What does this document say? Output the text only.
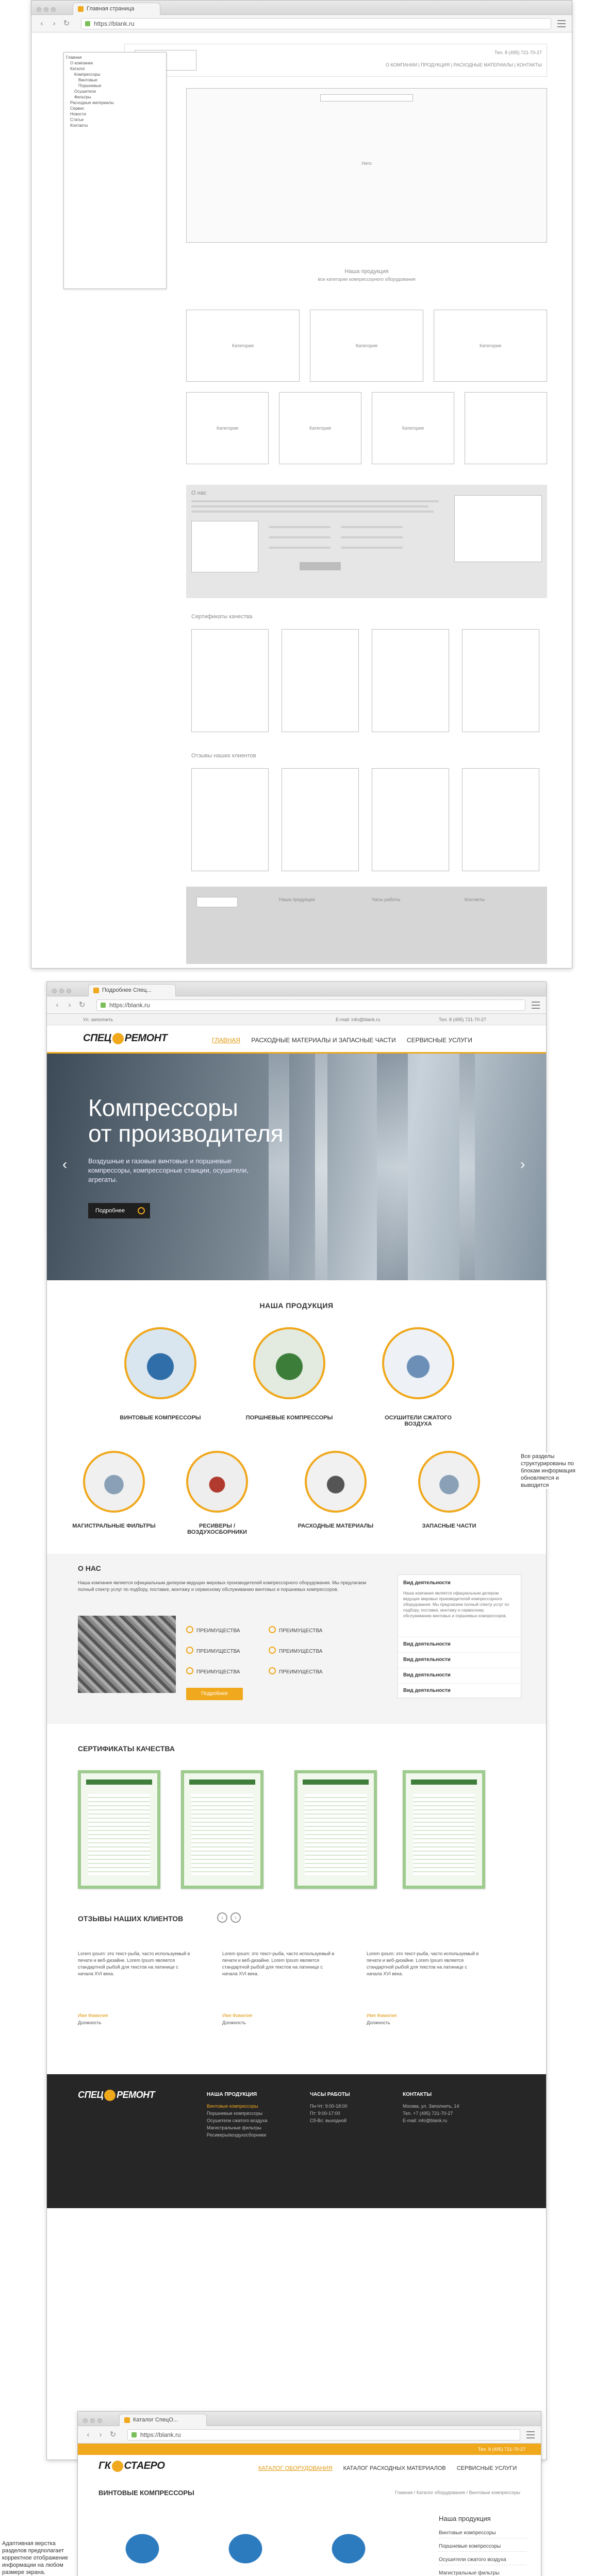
Главная страница
‹	›	↻	https://blank.ru
Тел. 8 (495) 721-70-27
О КОМПАНИИ | ПРОДУКЦИЯ | РАСХОДНЫЕ МАТЕРИАЛЫ | КОНТАКТЫ
Главная
О компании
Каталог
Компрессоры
Винтовые
Поршневые
Осушители
Фильтры
Расходные материалы
Сервис
Новости
Статьи
Контакты
Hero
Наша продукция
все категории компрессорного оборудования
Категория	Категория	Категория
Категория	Категория	Категория
О нас
Сертификаты качества
Отзывы наших клиентов
Наша продукция	Часы работы	Контакты
Подробнее Спец...
‹	›	↻	https://blank.ru
Ул. заполнить	E-mail: info@blank.ru	Тел. 8 (495) 721-70-27
СПЕЦ РЕМОНТ	ГЛАВНАЯ РАСХОДНЫЕ МАТЕРИАЛЫ И ЗАПАСНЫЕ ЧАСТИ СЕРВИСНЫЕ УСЛУГИ
Компрессоры
от производителя
Воздушные и газовые винтовые и поршневые компрессоры, компрессорные станции, осушители, агрегаты.
Подробнее
‹	›
НАША ПРОДУКЦИЯ
ВИНТОВЫЕ КОМПРЕССОРЫ	ПОРШНЕВЫЕ КОМПРЕССОРЫ	ОСУШИТЕЛИ СЖАТОГО ВОЗДУХА
МАГИСТРАЛЬНЫЕ ФИЛЬТРЫ	РЕСИВЕРЫ / ВОЗДУХОСБОРНИКИ
РАСХОДНЫЕ МАТЕРИАЛЫ	ЗАПАСНЫЕ ЧАСТИ
О НАС
Наша компания является официальным дилером ведущих мировых производителей компрессорного оборудования. Мы предлагаем полный спектр услуг по подбору, поставке, монтажу и сервисному обслуживанию винтовых и поршневых компрессоров.
ПРЕИМУЩЕСТВА	ПРЕИМУЩЕСТВА
ПРЕИМУЩЕСТВА	ПРЕИМУЩЕСТВА
ПРЕИМУЩЕСТВА	ПРЕИМУЩЕСТВА
Подробнее
Вид деятельности
Наша компания является официальным дилером ведущих мировых производителей компрессорного оборудования. Мы предлагаем полный спектр услуг по подбору, поставке, монтажу и сервисному обслуживанию винтовых и поршневых компрессоров.
Вид деятельности
Вид деятельности
Вид деятельности
Вид деятельности
СЕРТИФИКАТЫ КАЧЕСТВА
ОТЗЫВЫ НАШИХ КЛИЕНТОВ	‹	›
Lorem ipsum: это текст-рыба, часто используемый в печати и веб-дизайне. Lorem Ipsum является стандартной рыбой для текстов на латинице с начала XVI века.
Lorem ipsum: это текст-рыба, часто используемый в печати и веб-дизайне. Lorem Ipsum является стандартной рыбой для текстов на латинице с начала XVI века.
Lorem ipsum: это текст-рыба, часто используемый в печати и веб-дизайне. Lorem Ipsum является стандартной рыбой для текстов на латинице с начала XVI века.
Имя Фамилия	Имя Фамилия	Имя Фамилия
Должность	Должность	Должность
СПЕЦ РЕМОНТ	НАША ПРОДУКЦИЯ
Винтовые компрессоры
Поршневые компрессоры
Осушители сжатого воздуха
Магистральные фильтры
Ресиверы/воздухосборники
ЧАСЫ РАБОТЫ
Пн-Чт: 9:00-18:00
Пт: 9:00-17:00
Сб-Вс: выходной
КОНТАКТЫ
Москва, ул. Заполнить, 14
Тел. +7 (495) 721-70-27
E-mail: info@blank.ru
Все разделы структурированы по блокам информация обновляется и выводится
Каталог СпецО...
‹	›	↻	https://blank.ru
Тел. 8 (495) 721-70-27
ГК СТАЕРО	КАТАЛОГ ОБОРУДОВАНИЯ КАТАЛОГ РАСХОДНЫХ МАТЕРИАЛОВ СЕРВИСНЫЕ УСЛУГИ
ВИНТОВЫЕ КОМПРЕССОРЫ	Главная / Каталог оборудования / Винтовые компрессоры
Наша продукция
Винтовые компрессоры
Поршневые компрессоры
Осушители сжатого воздуха
Магистральные фильтры
Адаптивная верстка разделов предполагает корректное отображение информации на любом размере экрана.
